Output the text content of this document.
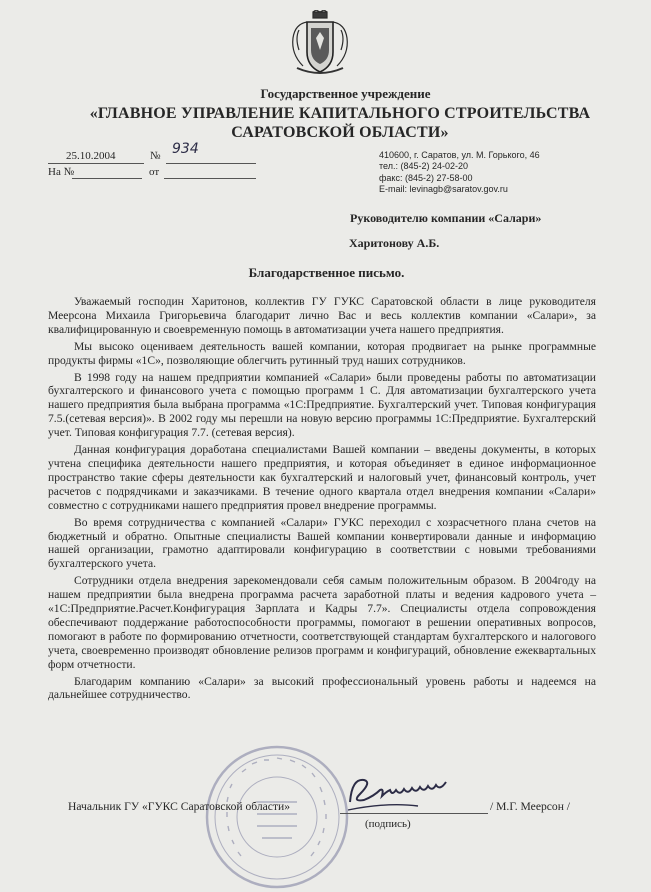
Государственное учреждение
«ГЛАВНОЕ УПРАВЛЕНИЕ КАПИТАЛЬНОГО СТРОИТЕЛЬСТВА
САРАТОВСКОЙ ОБЛАСТИ»
25.10.2004	№ 934
На №	от
410600, г. Саратов, ул. М. Горького, 46
тел.: (845-2) 24-02-20
факс: (845-2) 27-58-00
E-mail: levinagb@saratov.gov.ru
Руководителю компании «Салари»
Харитонову А.Б.
Благодарственное письмо.

Уважаемый господин Харитонов, коллектив ГУ ГУКС Саратовской области в лице руководителя Меерсона Михаила Григорьевича благодарит лично Вас и весь коллектив компании «Салари», за квалифицированную и своевременную помощь в автоматизации учета нашего предприятия.

Мы высоко оцениваем деятельность вашей компании, которая продвигает на рынке программные продукты фирмы «1С», позволяющие облегчить рутинный труд наших сотрудников.

В 1998 году на нашем предприятии компанией «Салари» были проведены работы по автоматизации бухгалтерского и финансового учета с помощью программ 1 С. Для автоматизации бухгалтерского учета нашего предприятия была выбрана программа «1С:Предприятие. Бухгалтерский учет. Типовая конфигурация 7.5.(сетевая версия)». В 2002 году мы перешли на новую версию программы 1С:Предприятие. Бухгалтерский учет. Типовая конфигурация 7.7. (сетевая версия).

Данная конфигурация доработана специалистами Вашей компании – введены документы, в которых учтена специфика деятельности нашего предприятия, и которая объединяет в единое информационное пространство такие сферы деятельности как бухгалтерский и налоговый учет, финансовый контроль, учет расчетов с подрядчиками и заказчиками. В течение одного квартала отдел внедрения компании «Салари» совместно с сотрудниками нашего предприятия провел внедрение программы.

Во время сотрудничества с компанией «Салари» ГУКС переходил с хозрасчетного плана счетов на бюджетный и обратно. Опытные специалисты Вашей компании конвертировали данные и информацию нашей организации, грамотно адаптировали конфигурацию в соответствии с новыми требованиями бухгалтерского учета.

Сотрудники отдела внедрения зарекомендовали себя самым положительным образом. В 2004году на нашем предприятии была внедрена программа расчета заработной платы и ведения кадрового учета – «1С:Предприятие.Расчет.Конфигурация Зарплата и Кадры 7.7». Специалисты отдела сопровождения обеспечивают поддержание работоспособности программы, помогают в решении оперативных вопросов, помогают в работе по формированию отчетности, соответствующей стандартам бухгалтерского и налогового учета, своевременно производят обновление релизов программ и конфигураций, обновление ежеквартальных форм отчетности.

Благодарим компанию «Салари» за высокий профессиональный уровень работы и надеемся на дальнейшее сотрудничество.

Начальник ГУ «ГУКС Саратовской области»	/ М.Г. Меерсон /
(подпись)
